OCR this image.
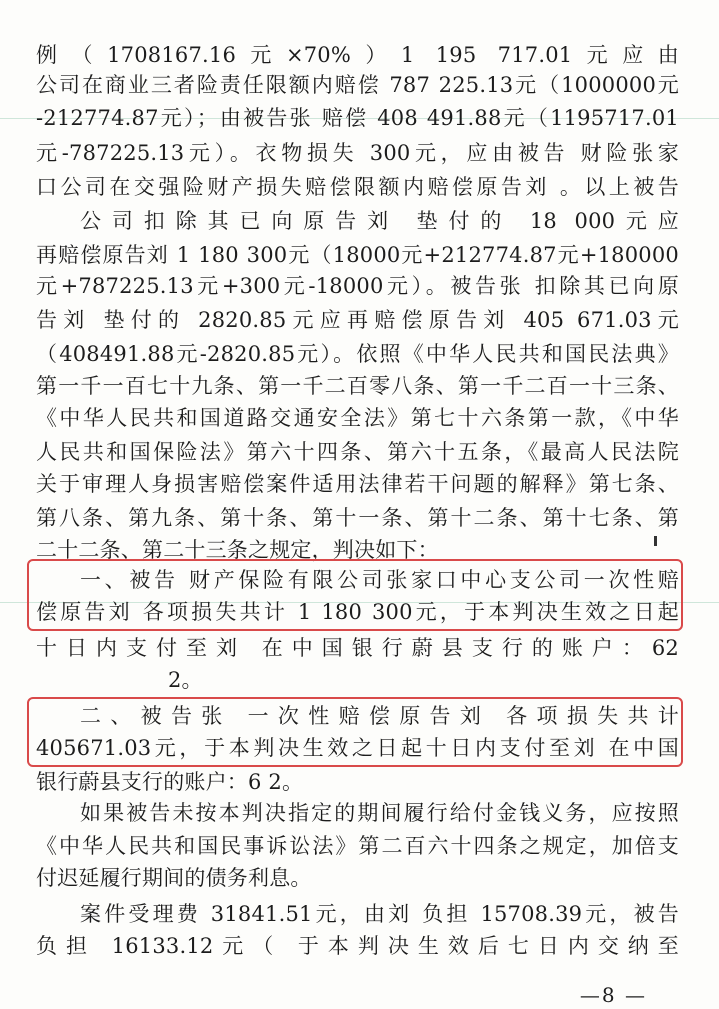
例（1708167.16元×70%）1 195 717.01元应由
公司在商业三者险责任限额内赔偿 787 225.13元（1000000元
-212774.87元）；由被告张 赔偿 408 491.88元（1195717.01
元-787225.13元）。衣物损失 300元，应由被告 财险张家
口公司在交强险财产损失赔偿限额内赔偿原告刘 。以上被告
公司扣除其已向原告刘 垫付的 18 000元应
再赔偿原告刘 1 180 300元（18000元+212774.87元+180000
元+787225.13元+300元-18000元）。被告张 扣除其已向原
告刘 垫付的 2820.85元应再赔偿原告刘 405 671.03元
（408491.88元-2820.85元）。依照《中华人民共和国民法典》
第一千一百七十九条、第一千二百零八条、第一千二百一十三条、
《中华人民共和国道路交通安全法》第七十六条第一款，《中华
人民共和国保险法》第六十四条、第六十五条，《最高人民法院
关于审理人身损害赔偿案件适用法律若干问题的解释》第七条、
第八条、第九条、第十条、第十一条、第十二条、第十七条、第
二十二条、第二十三条之规定，判决如下：
一、被告 财产保险有限公司张家口中心支公司一次性赔
偿原告刘 各项损失共计 1 180 300元，于本判决生效之日起
十日内支付至刘 在中国银行蔚县支行的账户：62
2。
二、被告张 一次性赔偿原告刘 各项损失共计
405671.03元，于本判决生效之日起十日内支付至刘 在中国
银行蔚县支行的账户：6 2。
如果被告未按本判决指定的期间履行给付金钱义务，应按照
《中华人民共和国民事诉讼法》第二百六十四条之规定，加倍支
付迟延履行期间的债务利息。
案件受理费 31841.51元，由刘 负担 15708.39元，被告
负担 16133.12元（ 于本判决生效后七日内交纳至
—8 —
